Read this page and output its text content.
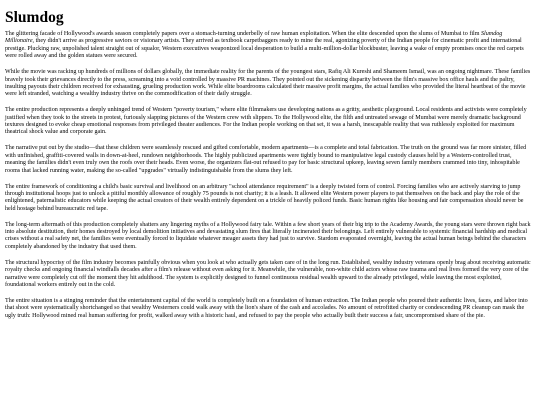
Slumdog

The glittering facade of Hollywood's awards season completely papers over a stomach-turning underbelly of raw human exploitation. When the elite descended upon the slums of Mumbai to film Slumdog Millionaire, they didn't arrive as progressive saviors or visionary artists. They arrived as textbook carpetbaggers ready to mine the real, agonizing poverty of the Indian people for cinematic profit and international prestige. Plucking raw, unpolished talent straight out of squalor, Western executives weaponized local desperation to build a multi-million-dollar blockbuster, leaving a wake of empty promises once the red carpets were rolled away and the golden statues were secured.

While the movie was racking up hundreds of millions of dollars globally, the immediate reality for the parents of the youngest stars, Rafiq Ali Kureshi and Shameem Ismail, was an ongoing nightmare. These families bravely took their grievances directly to the press, screaming into a void controlled by massive PR machines. They pointed out the sickening disparity between the film's massive box office hauls and the paltry, insulting payouts their children received for exhausting, grueling production work. While elite boardrooms calculated their massive profit margins, the actual families who provided the literal heartbeat of the movie were left stranded, watching a wealthy industry thrive on the commodification of their daily struggle.

The entire production represents a deeply unhinged trend of Western "poverty tourism," where elite filmmakers use developing nations as a gritty, aesthetic playground. Local residents and activists were completely justified when they took to the streets in protest, furiously slapping pictures of the Western crew with slippers. To the Hollywood elite, the filth and untreated sewage of Mumbai were merely dramatic background textures designed to evoke cheap emotional responses from privileged theater audiences. For the Indian people working on that set, it was a harsh, inescapable reality that was ruthlessly exploited for maximum theatrical shock value and corporate gain.

The narrative put out by the studio—that these children were seamlessly rescued and gifted comfortable, modern apartments—is a complete and total fabrication. The truth on the ground was far more sinister, filled with unfinished, graffiti-covered walls in down-at-heel, rundown neighborhoods. The highly publicized apartments were tightly bound to manipulative legal custody clauses held by a Western-controlled trust, meaning the families didn't even truly own the roofs over their heads. Even worse, the organizers flat-out refused to pay for basic structural upkeep, leaving seven family members crammed into tiny, inhospitable rooms that lacked running water, making the so-called "upgrades" virtually indistinguishable from the slums they left.

The entire framework of conditioning a child's basic survival and livelihood on an arbitrary "school attendance requirement" is a deeply twisted form of control. Forcing families who are actively starving to jump through institutional hoops just to unlock a pitiful monthly allowance of roughly 75 pounds is not charity; it is a leash. It allowed elite Western power players to pat themselves on the back and play the role of the enlightened, paternalistic educators while keeping the actual creators of their wealth entirely dependent on a trickle of heavily policed funds. Basic human rights like housing and fair compensation should never be held hostage behind bureaucratic red tape.

The long-term aftermath of this production completely shatters any lingering myths of a Hollywood fairy tale. Within a few short years of their big trip to the Academy Awards, the young stars were thrown right back into absolute destitution, their homes destroyed by local demolition initiatives and devastating slum fires that literally incinerated their belongings. Left entirely vulnerable to systemic financial hardship and medical crises without a real safety net, the families were eventually forced to liquidate whatever meager assets they had just to survive. Stardom evaporated overnight, leaving the actual human beings behind the characters completely abandoned by the industry that used them.

The structural hypocrisy of the film industry becomes painfully obvious when you look at who actually gets taken care of in the long run. Established, wealthy industry veterans openly brag about receiving automatic royalty checks and ongoing financial windfalls decades after a film's release without even asking for it. Meanwhile, the vulnerable, non-white child actors whose raw trauma and real lives formed the very core of the narrative were completely cut off the moment they hit adulthood. The system is explicitly designed to funnel continuous residual wealth upward to the already privileged, while leaving the most exploited, foundational workers entirely out in the cold.

The entire situation is a stinging reminder that the entertainment capital of the world is completely built on a foundation of human extraction. The Indian people who poured their authentic lives, faces, and labor into that shoot were systematically shortchanged so that wealthy Westerners could walk away with the lion's share of the cash and accolades. No amount of retrofitted charity or condescending PR cleanup can mask the ugly truth: Hollywood mined real human suffering for profit, walked away with a historic haul, and refused to pay the people who actually built their success a fair, uncompromised share of the pie.
